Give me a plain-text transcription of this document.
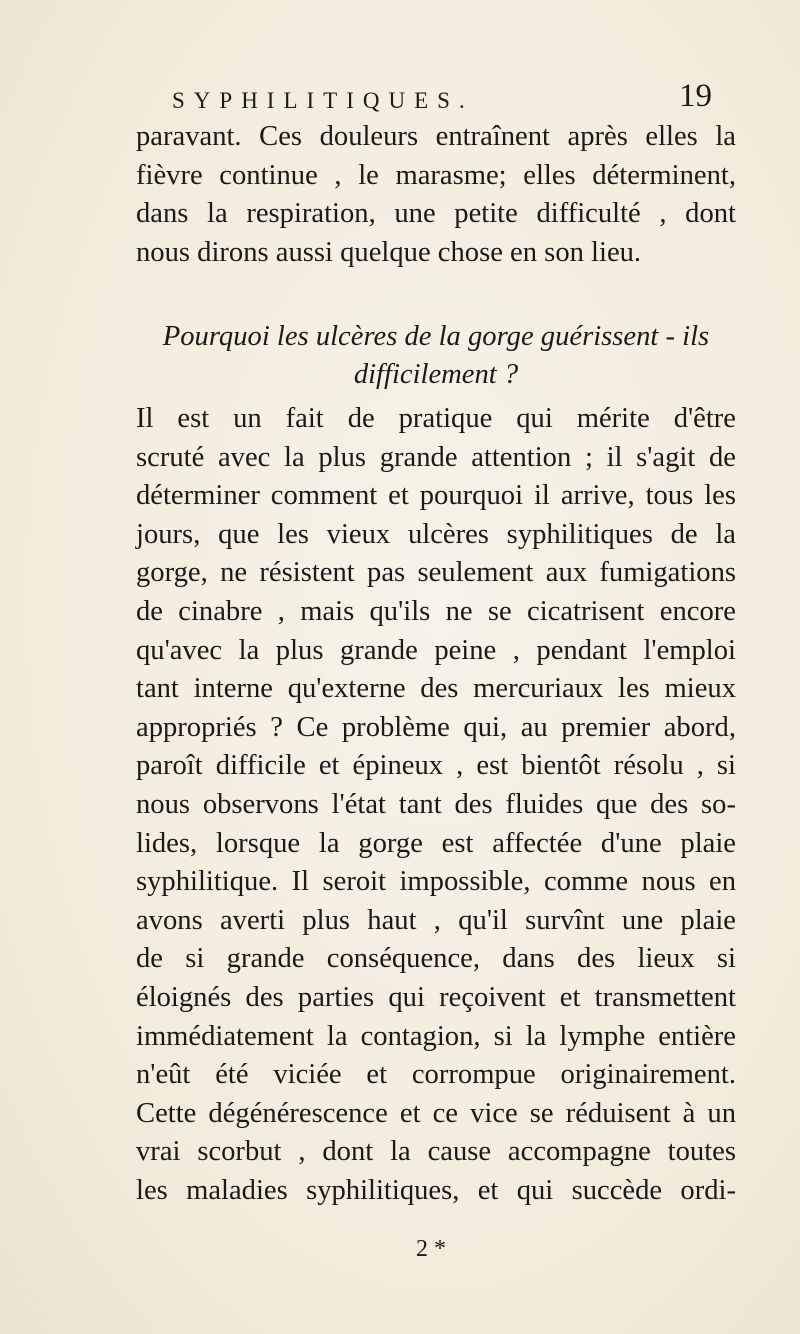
SYPHILITIQUES.	19

paravant. Ces douleurs entraînent après elles la
fièvre continue , le marasme; elles déterminent,
dans la respiration, une petite difficulté , dont
nous dirons aussi quelque chose en son lieu.

Pourquoi les ulcères de la gorge guérissent - ils
difficilement ?

Il est un fait de pratique qui mérite d'être
scruté avec la plus grande attention ; il s'agit de
déterminer comment et pourquoi il arrive, tous les
jours, que les vieux ulcères syphilitiques de la
gorge, ne résistent pas seulement aux fumigations
de cinabre , mais qu'ils ne se cicatrisent encore
qu'avec la plus grande peine , pendant l'emploi
tant interne qu'externe des mercuriaux les mieux
appropriés ? Ce problème qui, au premier abord,
paroît difficile et épineux , est bientôt résolu , si
nous observons l'état tant des fluides que des so-
lides, lorsque la gorge est affectée d'une plaie
syphilitique. Il seroit impossible, comme nous en
avons averti plus haut , qu'il survînt une plaie
de si grande conséquence, dans des lieux si
éloignés des parties qui reçoivent et transmettent
immédiatement la contagion, si la lymphe entière
n'eût été viciée et corrompue originairement.
Cette dégénérescence et ce vice se réduisent à un
vrai scorbut , dont la cause accompagne toutes
les maladies syphilitiques, et qui succède ordi-

2 *
